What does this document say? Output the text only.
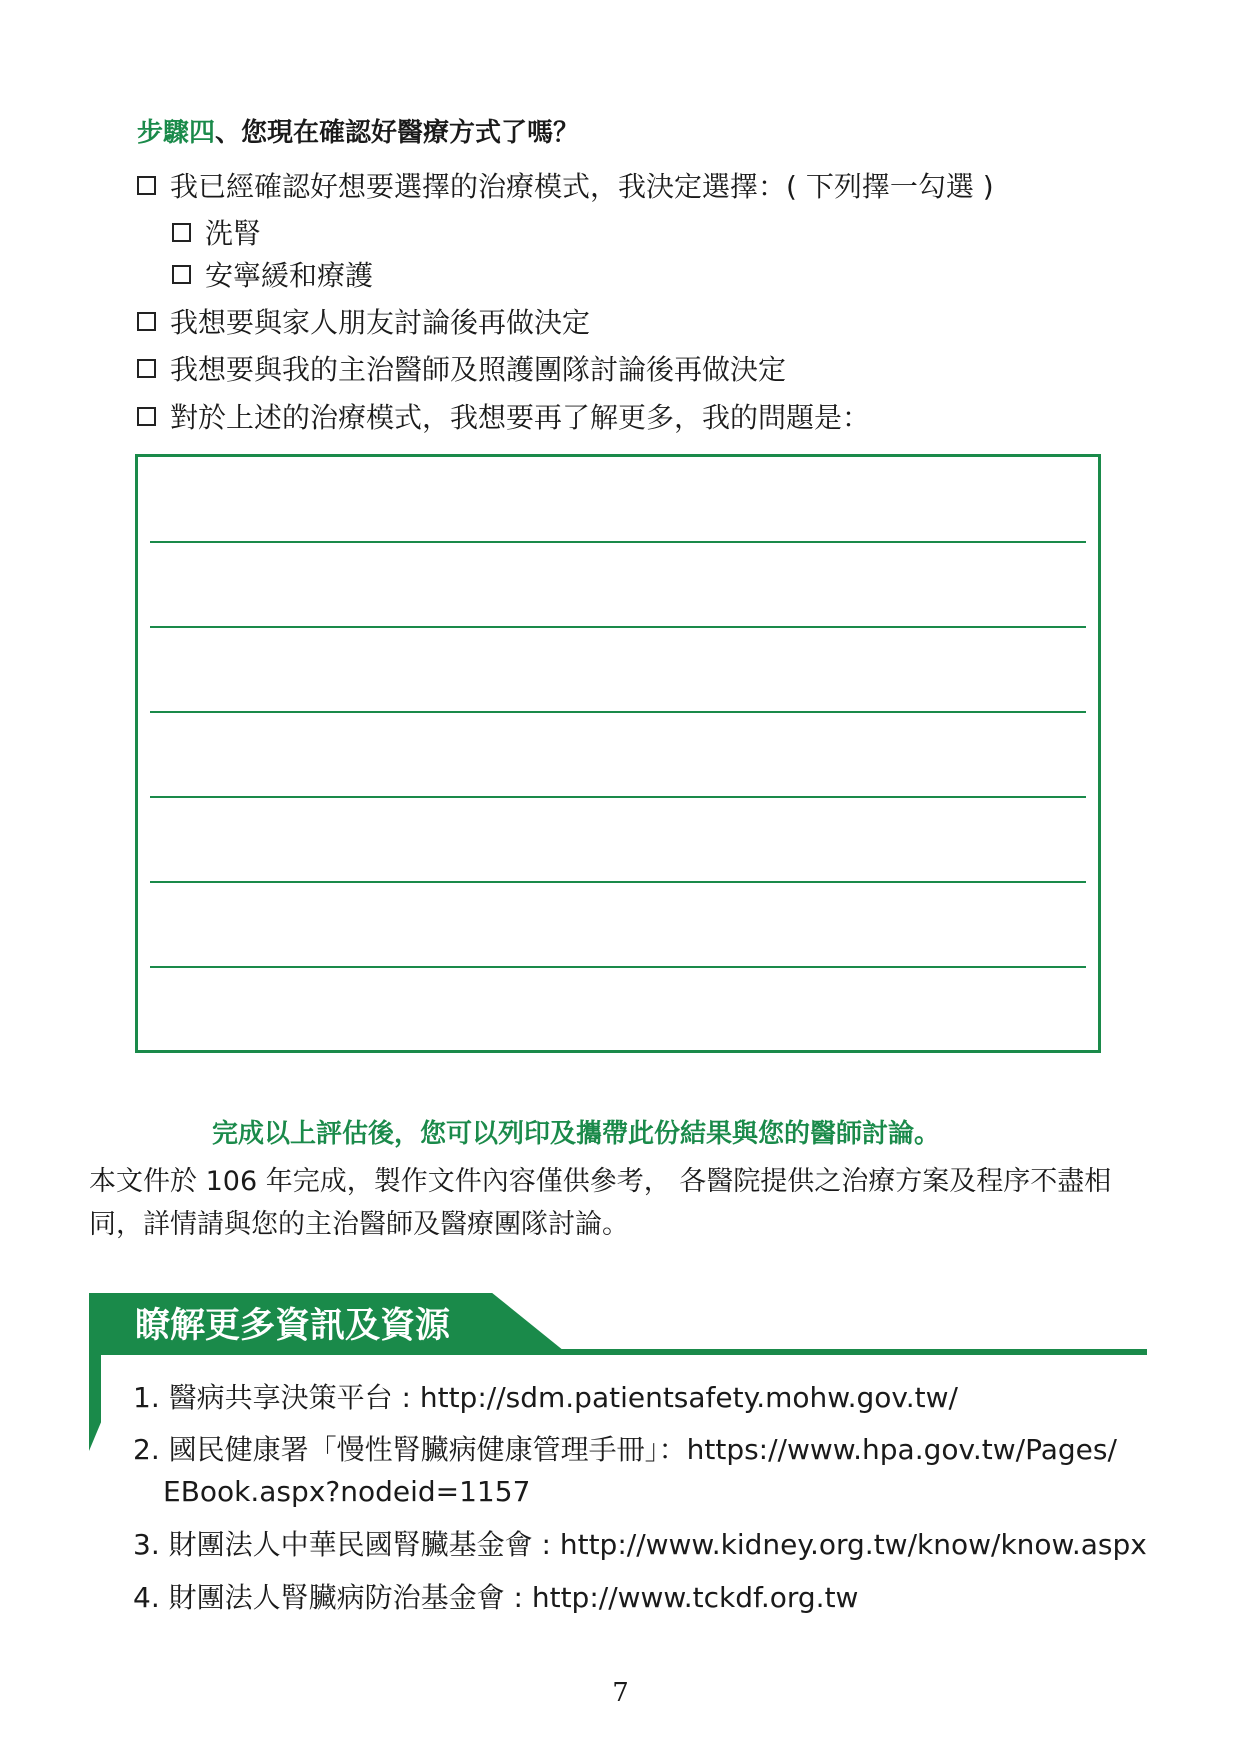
步驟四、您現在確認好醫療方式了嗎？
我已經確認好想要選擇的治療模式，我決定選擇：( 下列擇一勾選 )
洗腎
安寧緩和療護
我想要與家人朋友討論後再做決定
我想要與我的主治醫師及照護團隊討論後再做決定
對於上述的治療模式，我想要再了解更多，我的問題是：
完成以上評估後，您可以列印及攜帶此份結果與您的醫師討論。
本文件於 106 年完成，製作文件內容僅供參考， 各醫院提供之治療方案及程序不盡相同，詳情請與您的主治醫師及醫療團隊討論。
瞭解更多資訊及資源
1. 醫病共享決策平台 : http://sdm.patientsafety.mohw.gov.tw/
2. 國民健康署「慢性腎臟病健康管理手冊」：https://www.hpa.gov.tw/Pages/
EBook.aspx?nodeid=1157
3. 財團法人中華民國腎臟基金會 : http://www.kidney.org.tw/know/know.aspx
4. 財團法人腎臟病防治基金會 : http://www.tckdf.org.tw
7
